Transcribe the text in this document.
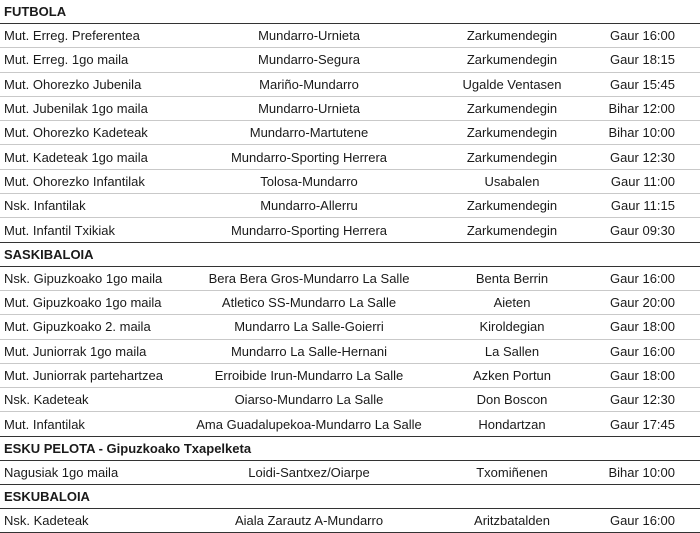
FUTBOLA
Mut. Erreg. Preferentea	Mundarro-Urnieta	Zarkumendegin	Gaur 16:00
Mut. Erreg. 1go maila	Mundarro-Segura	Zarkumendegin	Gaur 18:15
Mut. Ohorezko Jubenila	Mariño-Mundarro	Ugalde Ventasen	Gaur 15:45
Mut. Jubenilak 1go maila	Mundarro-Urnieta	Zarkumendegin	Bihar 12:00
Mut. Ohorezko Kadeteak	Mundarro-Martutene	Zarkumendegin	Bihar 10:00
Mut. Kadeteak 1go maila	Mundarro-Sporting Herrera	Zarkumendegin	Gaur 12:30
Mut. Ohorezko Infantilak	Tolosa-Mundarro	Usabalen	Gaur 11:00
Nsk. Infantilak	Mundarro-Allerru	Zarkumendegin	Gaur 11:15
Mut. Infantil Txikiak	Mundarro-Sporting Herrera	Zarkumendegin	Gaur 09:30
SASKIBALOIA
Nsk. Gipuzkoako 1go maila	Bera Bera Gros-Mundarro La Salle	Benta Berrin	Gaur 16:00
Mut. Gipuzkoako 1go maila	Atletico SS-Mundarro La Salle	Aieten	Gaur 20:00
Mut. Gipuzkoako 2. maila	Mundarro La Salle-Goierri	Kiroldegian	Gaur 18:00
Mut. Juniorrak 1go maila	Mundarro La Salle-Hernani	La Sallen	Gaur 16:00
Mut. Juniorrak partehartzea	Erroibide Irun-Mundarro La Salle	Azken Portun	Gaur 18:00
Nsk. Kadeteak	Oiarso-Mundarro La Salle	Don Boscon	Gaur 12:30
Mut. Infantilak	Ama Guadalupekoa-Mundarro La Salle	Hondartzan	Gaur 17:45
ESKU PELOTA - Gipuzkoako Txapelketa
Nagusiak 1go maila	Loidi-Santxez/Oiarpe	Txomiñenen	Bihar 10:00
ESKUBALOIA
Nsk. Kadeteak	Aiala Zarautz A-Mundarro	Aritzbatalden	Gaur 16:00
